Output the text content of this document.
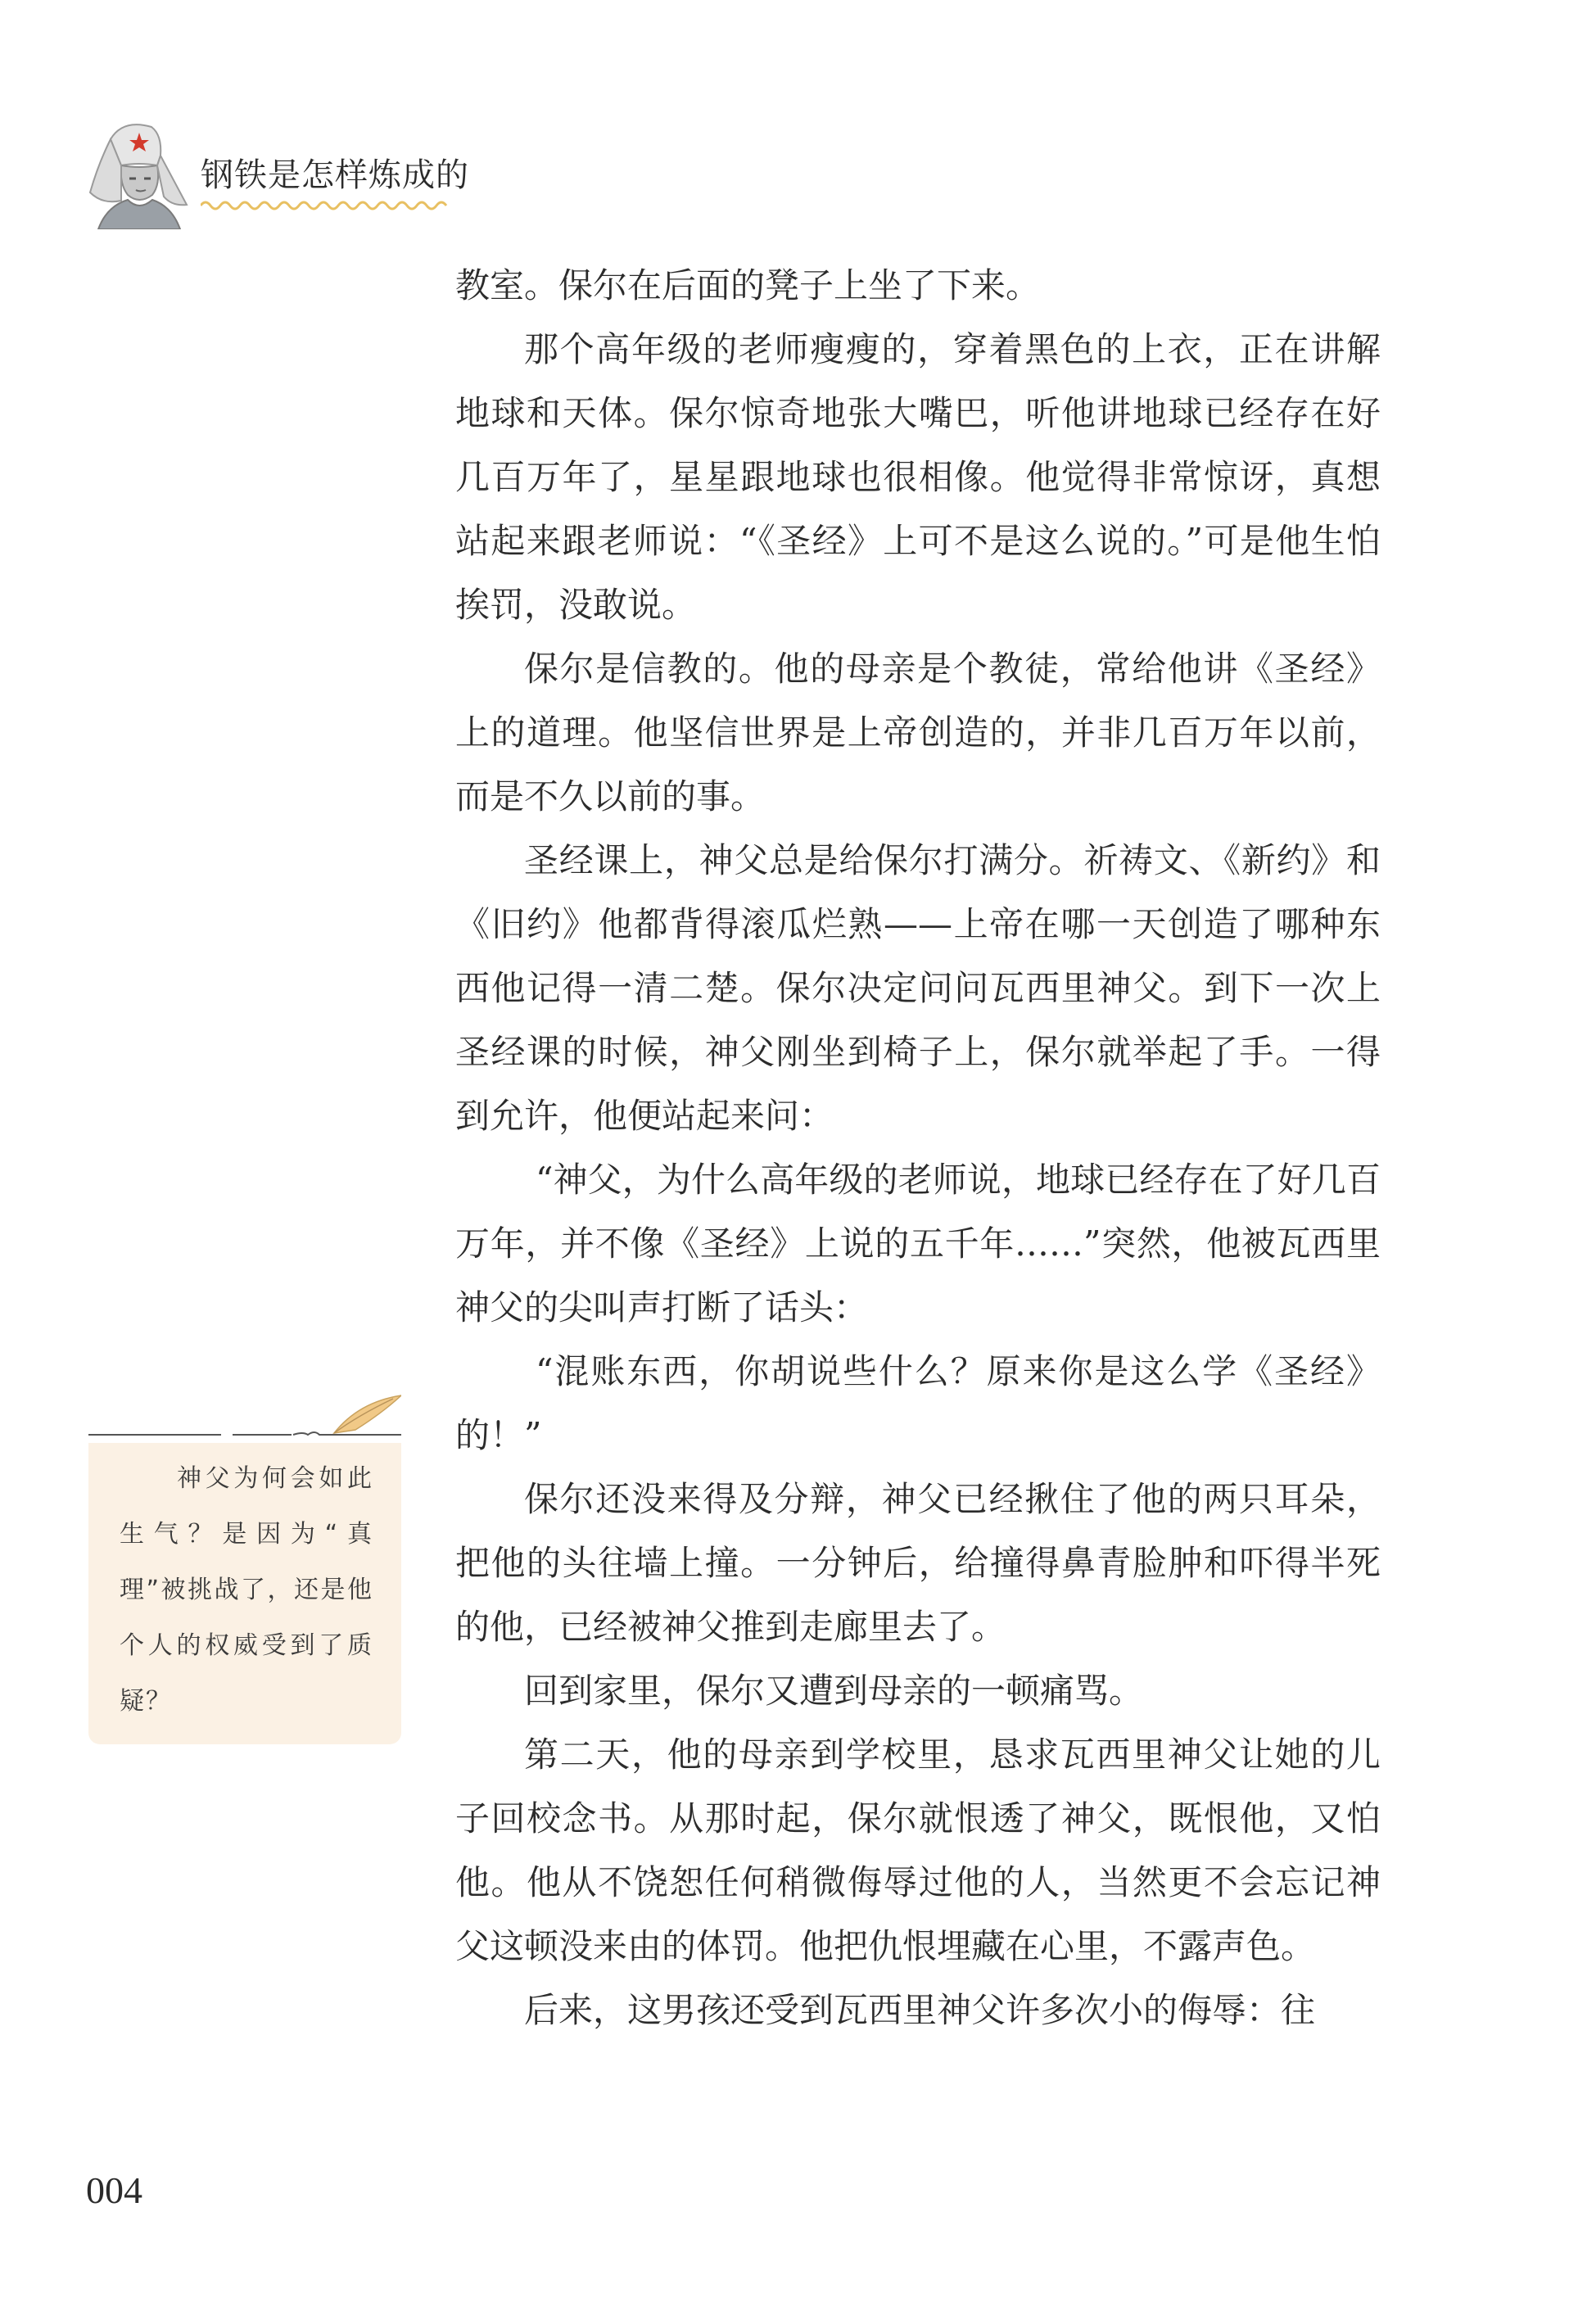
钢铁是怎样炼成的

教室。保尔在后面的凳子上坐了下来。

那个高年级的老师瘦瘦的，穿着黑色的上衣，正在讲解地球和天体。保尔惊奇地张大嘴巴，听他讲地球已经存在好几百万年了，星星跟地球也很相像。他觉得非常惊讶，真想站起来跟老师说：“《圣经》上可不是这么说的。”可是他生怕挨罚，没敢说。

保尔是信教的。他的母亲是个教徒，常给他讲《圣经》上的道理。他坚信世界是上帝创造的，并非几百万年以前，而是不久以前的事。

圣经课上，神父总是给保尔打满分。祈祷文、《新约》和《旧约》他都背得滚瓜烂熟——上帝在哪一天创造了哪种东西他记得一清二楚。保尔决定问问瓦西里神父。到下一次上圣经课的时候，神父刚坐到椅子上，保尔就举起了手。一得到允许，他便站起来问：

“神父，为什么高年级的老师说，地球已经存在了好几百万年，并不像《圣经》上说的五千年……”突然，他被瓦西里神父的尖叫声打断了话头：

“混账东西，你胡说些什么？原来你是这么学《圣经》的！”

保尔还没来得及分辩，神父已经揪住了他的两只耳朵，把他的头往墙上撞。一分钟后，给撞得鼻青脸肿和吓得半死的他，已经被神父推到走廊里去了。

回到家里，保尔又遭到母亲的一顿痛骂。

第二天，他的母亲到学校里，恳求瓦西里神父让她的儿子回校念书。从那时起，保尔就恨透了神父，既恨他，又怕他。他从不饶恕任何稍微侮辱过他的人，当然更不会忘记神父这顿没来由的体罚。他把仇恨埋藏在心里，不露声色。

后来，这男孩还受到瓦西里神父许多次小的侮辱：往

神父为何会如此生气？是因为“真理”被挑战了，还是他个人的权威受到了质疑？
004
